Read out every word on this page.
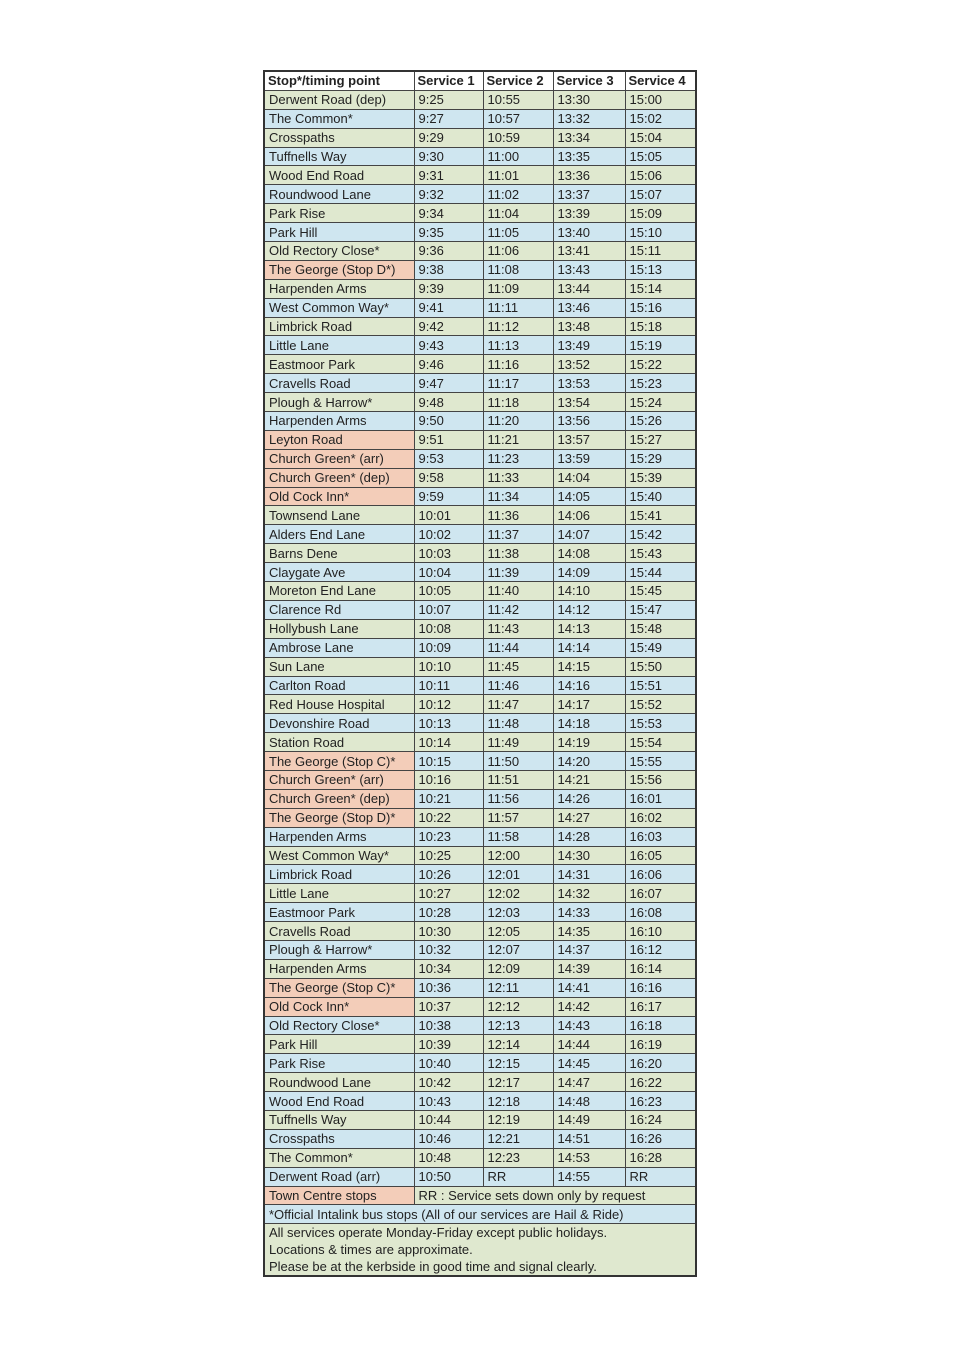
Stop*/timing point	Service 1	Service 2	Service 3	Service 4
Derwent Road (dep)	9:25	10:55	13:30	15:00
The Common*	9:27	10:57	13:32	15:02
Crosspaths	9:29	10:59	13:34	15:04
Tuffnells Way	9:30	11:00	13:35	15:05
Wood End Road	9:31	11:01	13:36	15:06
Roundwood Lane	9:32	11:02	13:37	15:07
Park Rise	9:34	11:04	13:39	15:09
Park Hill	9:35	11:05	13:40	15:10
Old Rectory Close*	9:36	11:06	13:41	15:11
The George (Stop D*)	9:38	11:08	13:43	15:13
Harpenden Arms	9:39	11:09	13:44	15:14
West Common Way*	9:41	11:11	13:46	15:16
Limbrick Road	9:42	11:12	13:48	15:18
Little Lane	9:43	11:13	13:49	15:19
Eastmoor Park	9:46	11:16	13:52	15:22
Cravells Road	9:47	11:17	13:53	15:23
Plough & Harrow*	9:48	11:18	13:54	15:24
Harpenden Arms	9:50	11:20	13:56	15:26
Leyton Road	9:51	11:21	13:57	15:27
Church Green* (arr)	9:53	11:23	13:59	15:29
Church Green* (dep)	9:58	11:33	14:04	15:39
Old Cock Inn*	9:59	11:34	14:05	15:40
Townsend Lane	10:01	11:36	14:06	15:41
Alders End Lane	10:02	11:37	14:07	15:42
Barns Dene	10:03	11:38	14:08	15:43
Claygate Ave	10:04	11:39	14:09	15:44
Moreton End Lane	10:05	11:40	14:10	15:45
Clarence Rd	10:07	11:42	14:12	15:47
Hollybush Lane	10:08	11:43	14:13	15:48
Ambrose Lane	10:09	11:44	14:14	15:49
Sun Lane	10:10	11:45	14:15	15:50
Carlton Road	10:11	11:46	14:16	15:51
Red House Hospital	10:12	11:47	14:17	15:52
Devonshire Road	10:13	11:48	14:18	15:53
Station Road	10:14	11:49	14:19	15:54
The George (Stop C)*	10:15	11:50	14:20	15:55
Church Green* (arr)	10:16	11:51	14:21	15:56
Church Green* (dep)	10:21	11:56	14:26	16:01
The George (Stop D)*	10:22	11:57	14:27	16:02
Harpenden Arms	10:23	11:58	14:28	16:03
West Common Way*	10:25	12:00	14:30	16:05
Limbrick Road	10:26	12:01	14:31	16:06
Little Lane	10:27	12:02	14:32	16:07
Eastmoor Park	10:28	12:03	14:33	16:08
Cravells Road	10:30	12:05	14:35	16:10
Plough & Harrow*	10:32	12:07	14:37	16:12
Harpenden Arms	10:34	12:09	14:39	16:14
The George (Stop C)*	10:36	12:11	14:41	16:16
Old Cock Inn*	10:37	12:12	14:42	16:17
Old Rectory Close*	10:38	12:13	14:43	16:18
Park Hill	10:39	12:14	14:44	16:19
Park Rise	10:40	12:15	14:45	16:20
Roundwood Lane	10:42	12:17	14:47	16:22
Wood End Road	10:43	12:18	14:48	16:23
Tuffnells Way	10:44	12:19	14:49	16:24
Crosspaths	10:46	12:21	14:51	16:26
The Common*	10:48	12:23	14:53	16:28
Derwent Road (arr)	10:50	RR	14:55	RR
Town Centre stops	RR : Service sets down only by request			
*Official Intalink bus stops (All of our services are Hail & Ride)				

All services operate Monday-Friday except public holidays.
Locations & times are approximate.
Please be at the kerbside in good time and signal clearly.				
